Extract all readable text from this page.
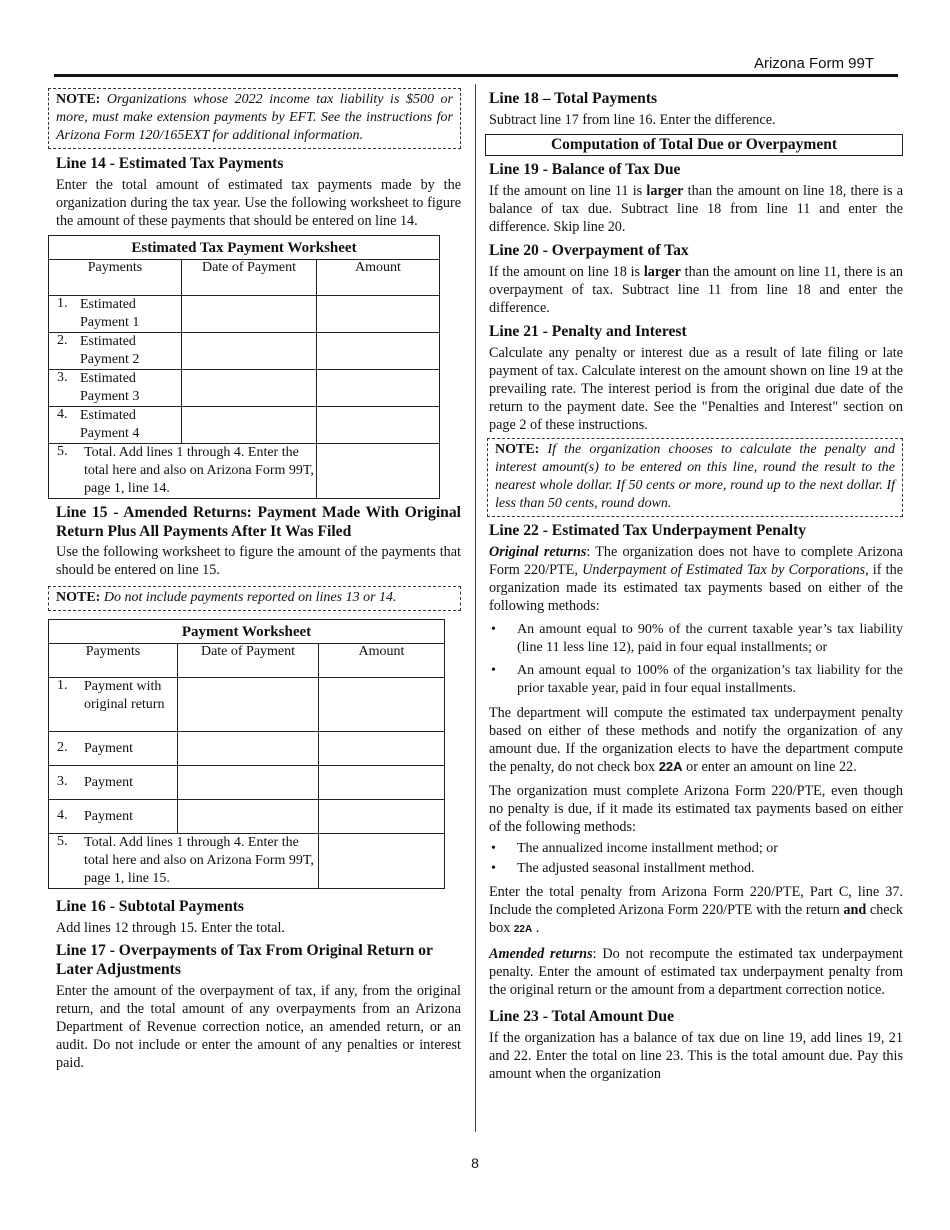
Arizona Form 99T
NOTE: Organizations whose 2022 income tax liability is $500 or more, must make extension payments by EFT. See the instructions for Arizona Form 120/165EXT for additional information.
Line 14 - Estimated Tax Payments

Enter the total amount of estimated tax payments made by the organization during the tax year. Use the following worksheet to figure the amount of these payments that should be entered on line 14.

Estimated Tax Payment Worksheet		
Payments	Date of Payment	Amount

1. Estimated Payment 1		

2. Estimated Payment 2		

3. Estimated Payment 3		

4. Estimated Payment 4		

5. Total. Add lines 1 through 4. Enter the total here and also on Arizona Form 99T, page 1, line 14.		

Line 15 - Amended Returns: Payment Made With Original Return Plus All Payments After It Was Filed

Use the following worksheet to figure the amount of the payments that should be entered on line 15.

NOTE: Do not include payments reported on lines 13 or 14.
Payment Worksheet		
Payments	Date of Payment	Amount

1. Payment with original return		

2. Payment		

3. Payment		

4. Payment		

5. Total. Add lines 1 through 4. Enter the total here and also on Arizona Form 99T, page 1, line 15.		

Line 16 - Subtotal Payments

Add lines 12 through 15. Enter the total.

Line 17 - Overpayments of Tax From Original Return or Later Adjustments

Enter the amount of the overpayment of tax, if any, from the original return, and the total amount of any overpayments from an Arizona Department of Revenue correction notice, an amended return, or an audit. Do not include or enter the amount of any penalties or interest paid.

Line 18 – Total Payments

Subtract line 17 from line 16. Enter the difference.

Computation of Total Due or Overpayment
Line 19 - Balance of Tax Due

If the amount on line 11 is larger than the amount on line 18, there is a balance of tax due. Subtract line 18 from line 11 and enter the difference. Skip line 20.

Line 20 - Overpayment of Tax

If the amount on line 18 is larger than the amount on line 11, there is an overpayment of tax. Subtract line 11 from line 18 and enter the difference.

Line 21 - Penalty and Interest

Calculate any penalty or interest due as a result of late filing or late payment of tax. Calculate interest on the amount shown on line 19 at the prevailing rate. The interest period is from the original due date of the return to the payment date. See the "Penalties and Interest" section on page 2 of these instructions.

NOTE: If the organization chooses to calculate the penalty and interest amount(s) to be entered on this line, round the result to the nearest whole dollar. If 50 cents or more, round up to the next dollar. If less than 50 cents, round down.
Line 22 - Estimated Tax Underpayment Penalty

Original returns: The organization does not have to complete Arizona Form 220/PTE, Underpayment of Estimated Tax by Corporations, if the organization made its estimated tax payments based on either of the following methods:

• An amount equal to 90% of the current taxable year’s tax liability (line 11 less line 12), paid in four equal installments; or
• An amount equal to 100% of the organization’s tax liability for the prior taxable year, paid in four equal installments.

The department will compute the estimated tax underpayment penalty based on either of these methods and notify the organization of any amount due. If the organization elects to have the department compute the penalty, do not check box 22A or enter an amount on line 22.

The organization must complete Arizona Form 220/PTE, even though no penalty is due, if it made its estimated tax payments based on either of the following methods:

• The annualized income installment method; or
• The adjusted seasonal installment method.

Enter the total penalty from Arizona Form 220/PTE, Part C, line 37. Include the completed Arizona Form 220/PTE with the return and check box 22A .

Amended returns: Do not recompute the estimated tax underpayment penalty. Enter the amount of estimated tax underpayment penalty from the original return or the amount from a department correction notice.

Line 23 - Total Amount Due

If the organization has a balance of tax due on line 19, add lines 19, 21 and 22. Enter the total on line 23. This is the total amount due. Pay this amount when the organization

8
